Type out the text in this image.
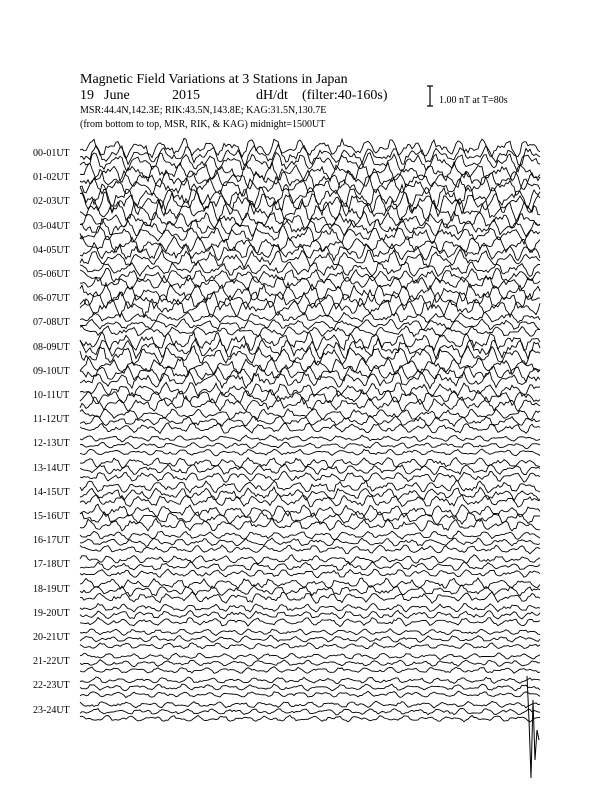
Magnetic Field Variations at 3 Stations in Japan
19 June	2015	dH/dt (filter:40-160s)
MSR:44.4N,142.3E; RIK:43.5N,143.8E; KAG:31.5N,130.7E
(from bottom to top, MSR, RIK, & KAG) midnight=1500UT
1.00 nT at T=80s
00-01UT
01-02UT
02-03UT
03-04UT
04-05UT
05-06UT
06-07UT
07-08UT
08-09UT
09-10UT
10-11UT
11-12UT
12-13UT
13-14UT
14-15UT
15-16UT
16-17UT
17-18UT
18-19UT
19-20UT
20-21UT
21-22UT
22-23UT
23-24UT
